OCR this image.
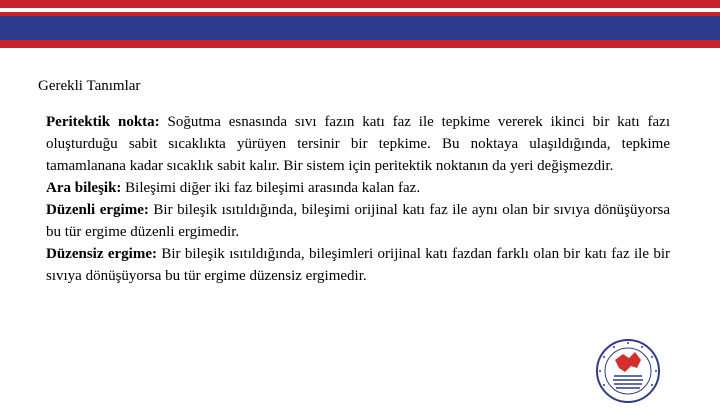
Gerekli Tanımlar

Peritektik nokta: Soğutma esnasında sıvı fazın katı faz ile tepkime vererek ikinci bir katı fazı oluşturduğu sabit sıcaklıkta yürüyen tersinir bir tepkime. Bu noktaya ulaşıldığında, tepkime tamamlanana kadar sıcaklık sabit kalır. Bir sistem için peritektik noktanın da yeri değişmezdir.

Ara bileşik: Bileşimi diğer iki faz bileşimi arasında kalan faz.

Düzenli ergime: Bir bileşik ısıtıldığında, bileşimi orijinal katı faz ile aynı olan bir sıvıya dönüşüyorsa bu tür ergime düzenli ergimedir.

Düzensiz ergime: Bir bileşik ısıtıldığında, bileşimleri orijinal katı fazdan farklı olan bir katı faz ile bir sıvıya dönüşüyorsa bu tür ergime düzensiz ergimedir.
